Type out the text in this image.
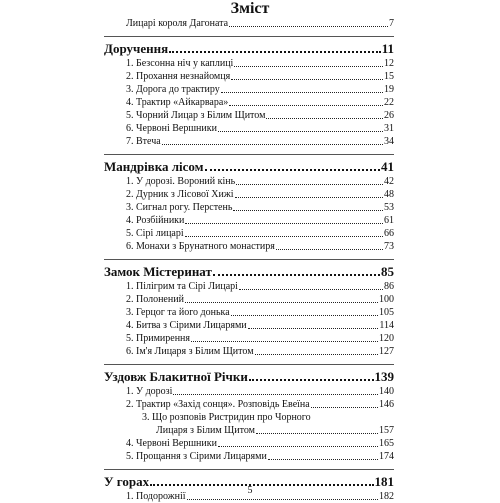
Зміст
Лицарі короля Дагоната	7
Доручення	11
1. Безсонна ніч у каплиці	12
2. Прохання незнайомця	15
3. Дорога до трактиру	19
4. Трактир «Айкарвара»	22
5. Чорний Лицар з Білим Щитом	26
6. Червоні Вершники	31
7. Втеча	34
Мандрівка лісом	41
1. У дорозі. Вороний кінь	42
2. Дурник з Лісової Хижі	48
3. Сигнал рогу. Перстень	53
4. Розбійники	61
5. Сірі лицарі	66
6. Монахи з Брунатного монастиря	73
Замок Містеринат	85
1. Пілігрим та Сірі Лицарі	86
2. Полонений	100
3. Герцог та його донька	105
4. Битва з Сірими Лицарями	114
5. Примирення	120
6. Ім'я Лицаря з Білим Щитом	127
Уздовж Блакитної Річки	139
1. У дорозі	140
2. Трактир «Захід сонця». Розповідь Евеїна	146
3. Що розповів Ристридин про Чорного
Лицаря з Білим Щитом	157
4. Червоні Вершники	165
5. Прощання з Сірими Лицарями	174
У горах	181
1. Подорожнії	182
5
